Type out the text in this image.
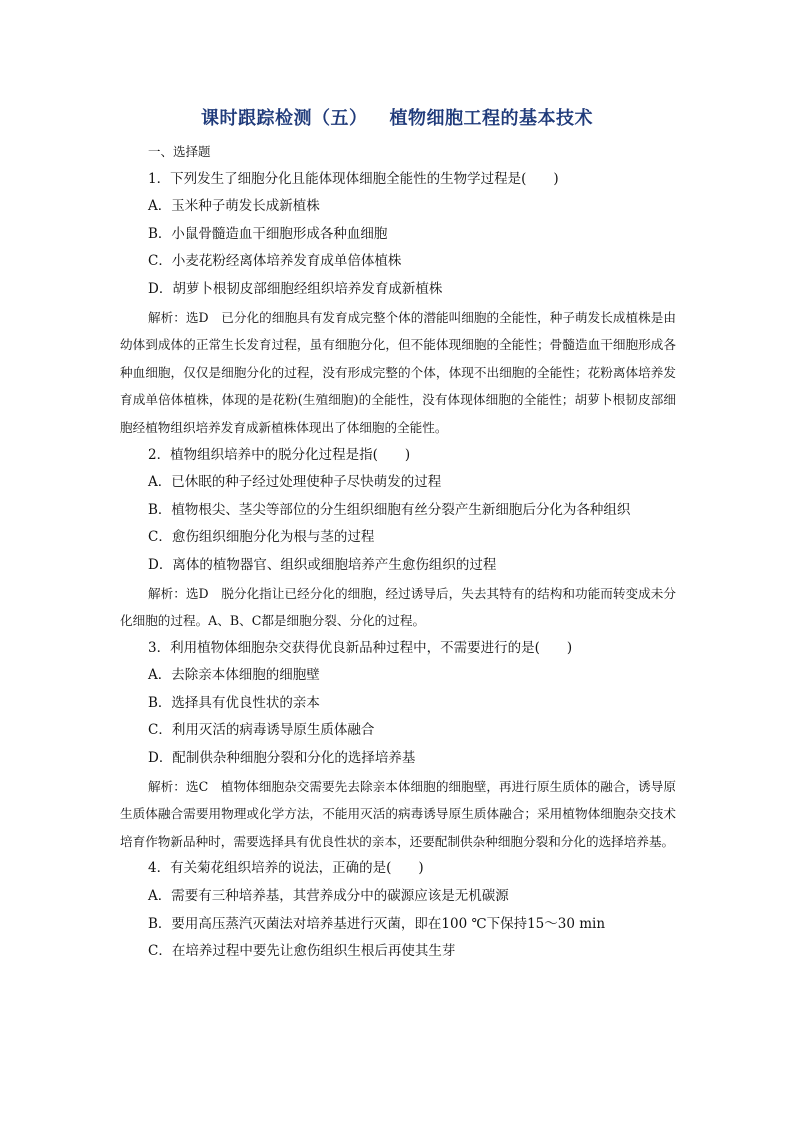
课时跟踪检测（五） 植物细胞工程的基本技术
一、选择题
1．下列发生了细胞分化且能体现体细胞全能性的生物学过程是(　　)
A．玉米种子萌发长成新植株
B．小鼠骨髓造血干细胞形成各种血细胞
C．小麦花粉经离体培养发育成单倍体植株
D．胡萝卜根韧皮部细胞经组织培养发育成新植株

解析：选D　已分化的细胞具有发育成完整个体的潜能叫细胞的全能性，种子萌发长成植株是由幼体到成体的正常生长发育过程，虽有细胞分化，但不能体现细胞的全能性；骨髓造血干细胞形成各种血细胞，仅仅是细胞分化的过程，没有形成完整的个体，体现不出细胞的全能性；花粉离体培养发育成单倍体植株，体现的是花粉(生殖细胞)的全能性，没有体现体细胞的全能性；胡萝卜根韧皮部细胞经植物组织培养发育成新植株体现出了体细胞的全能性。

2．植物组织培养中的脱分化过程是指(　　)
A．已休眠的种子经过处理使种子尽快萌发的过程
B．植物根尖、茎尖等部位的分生组织细胞有丝分裂产生新细胞后分化为各种组织
C．愈伤组织细胞分化为根与茎的过程
D．离体的植物器官、组织或细胞培养产生愈伤组织的过程

解析：选D　脱分化指让已经分化的细胞，经过诱导后，失去其特有的结构和功能而转变成未分化细胞的过程。A、B、C都是细胞分裂、分化的过程。

3．利用植物体细胞杂交获得优良新品种过程中，不需要进行的是(　　)
A．去除亲本体细胞的细胞壁
B．选择具有优良性状的亲本
C．利用灭活的病毒诱导原生质体融合
D．配制供杂种细胞分裂和分化的选择培养基

解析：选C　植物体细胞杂交需要先去除亲本体细胞的细胞壁，再进行原生质体的融合，诱导原生质体融合需要用物理或化学方法，不能用灭活的病毒诱导原生质体融合；采用植物体细胞杂交技术培育作物新品种时，需要选择具有优良性状的亲本，还要配制供杂种细胞分裂和分化的选择培养基。

4．有关菊花组织培养的说法，正确的是(　　)
A．需要有三种培养基，其营养成分中的碳源应该是无机碳源
B．要用高压蒸汽灭菌法对培养基进行灭菌，即在100 ℃下保持15～30 min
C．在培养过程中要先让愈伤组织生根后再使其生芽
